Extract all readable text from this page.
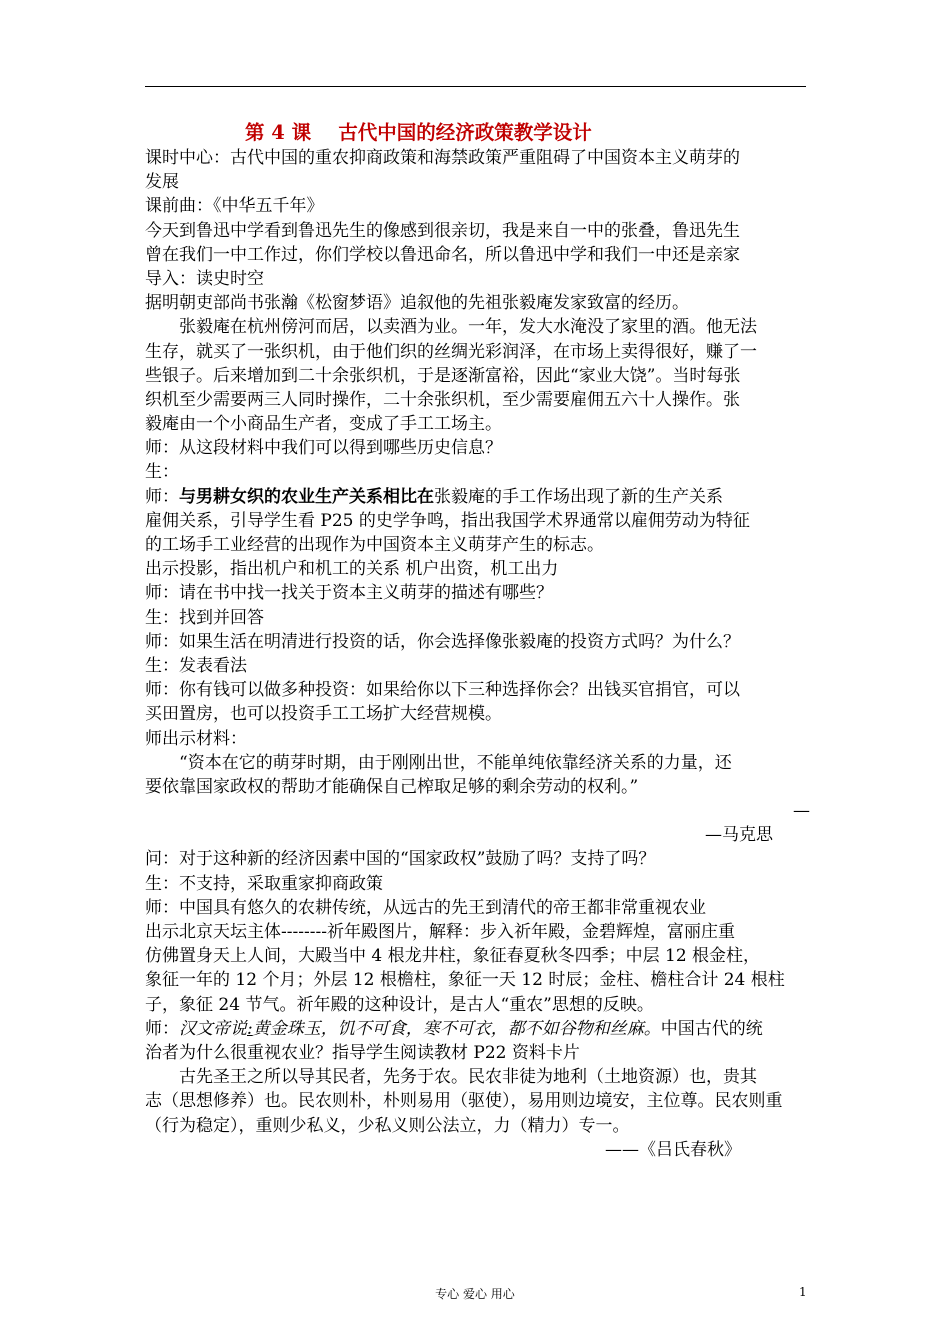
第 4 课    古代中国的经济政策教学设计
课时中心：古代中国的重农抑商政策和海禁政策严重阻碍了中国资本主义萌芽的
发展
课前曲：《中华五千年》
今天到鲁迅中学看到鲁迅先生的像感到很亲切，我是来自一中的张叠，鲁迅先生
曾在我们一中工作过，你们学校以鲁迅命名，所以鲁迅中学和我们一中还是亲家
导入：读史时空
据明朝吏部尚书张瀚《松窗梦语》追叙他的先祖张毅庵发家致富的经历。
张毅庵在杭州傍河而居，以卖酒为业。一年，发大水淹没了家里的酒。他无法
生存，就买了一张织机，由于他们织的丝绸光彩润泽，在市场上卖得很好，赚了一
些银子。后来增加到二十余张织机，于是逐渐富裕，因此“家业大饶”。当时每张
织机至少需要两三人同时操作，二十余张织机，至少需要雇佣五六十人操作。张
毅庵由一个小商品生产者，变成了手工工场主。
师：从这段材料中我们可以得到哪些历史信息？
生：
师：与男耕女织的农业生产关系相比在张毅庵的手工作场出现了新的生产关系
雇佣关系，引导学生看 P25 的史学争鸣，指出我国学术界通常以雇佣劳动为特征
的工场手工业经营的出现作为中国资本主义萌芽产生的标志。
出示投影，指出机户和机工的关系 机户出资，机工出力
师：请在书中找一找关于资本主义萌芽的描述有哪些？
生：找到并回答
师：如果生活在明清进行投资的话，你会选择像张毅庵的投资方式吗？为什么？
生：发表看法
师：你有钱可以做多种投资：如果给你以下三种选择你会？出钱买官捐官，可以
买田置房，也可以投资手工工场扩大经营规模。
师出示材料：
“资本在它的萌芽时期，由于刚刚出世，不能单纯依靠经济关系的力量，还
要依靠国家政权的帮助才能确保自己榨取足够的剩余劳动的权利。”
—
—马克思
问：对于这种新的经济因素中国的“国家政权”鼓励了吗？支持了吗？
生：不支持，采取重家抑商政策
师：中国具有悠久的农耕传统，从远古的先王到清代的帝王都非常重视农业
出示北京天坛主体--------祈年殿图片，解释：步入祈年殿，金碧辉煌，富丽庄重
仿佛置身天上人间，大殿当中 4 根龙井柱，象征春夏秋冬四季；中层 12 根金柱，
象征一年的 12 个月；外层 12 根檐柱，象征一天 12 时辰；金柱、檐柱合计 24 根柱
子，象征 24 节气。祈年殿的这种设计，是古人“重农”思想的反映。
师：汉文帝说:黄金珠玉，饥不可食，寒不可衣，都不如谷物和丝麻。中国古代的统
治者为什么很重视农业？指导学生阅读教材 P22 资料卡片
古先圣王之所以导其民者，先务于农。民农非徒为地利（土地资源）也，贵其
志（思想修养）也。民农则朴，朴则易用（驱使），易用则边境安，主位尊。民农则重
（行为稳定），重则少私义，少私义则公法立，力（精力）专一。
——《吕氏春秋》
专心 爱心 用心	1
